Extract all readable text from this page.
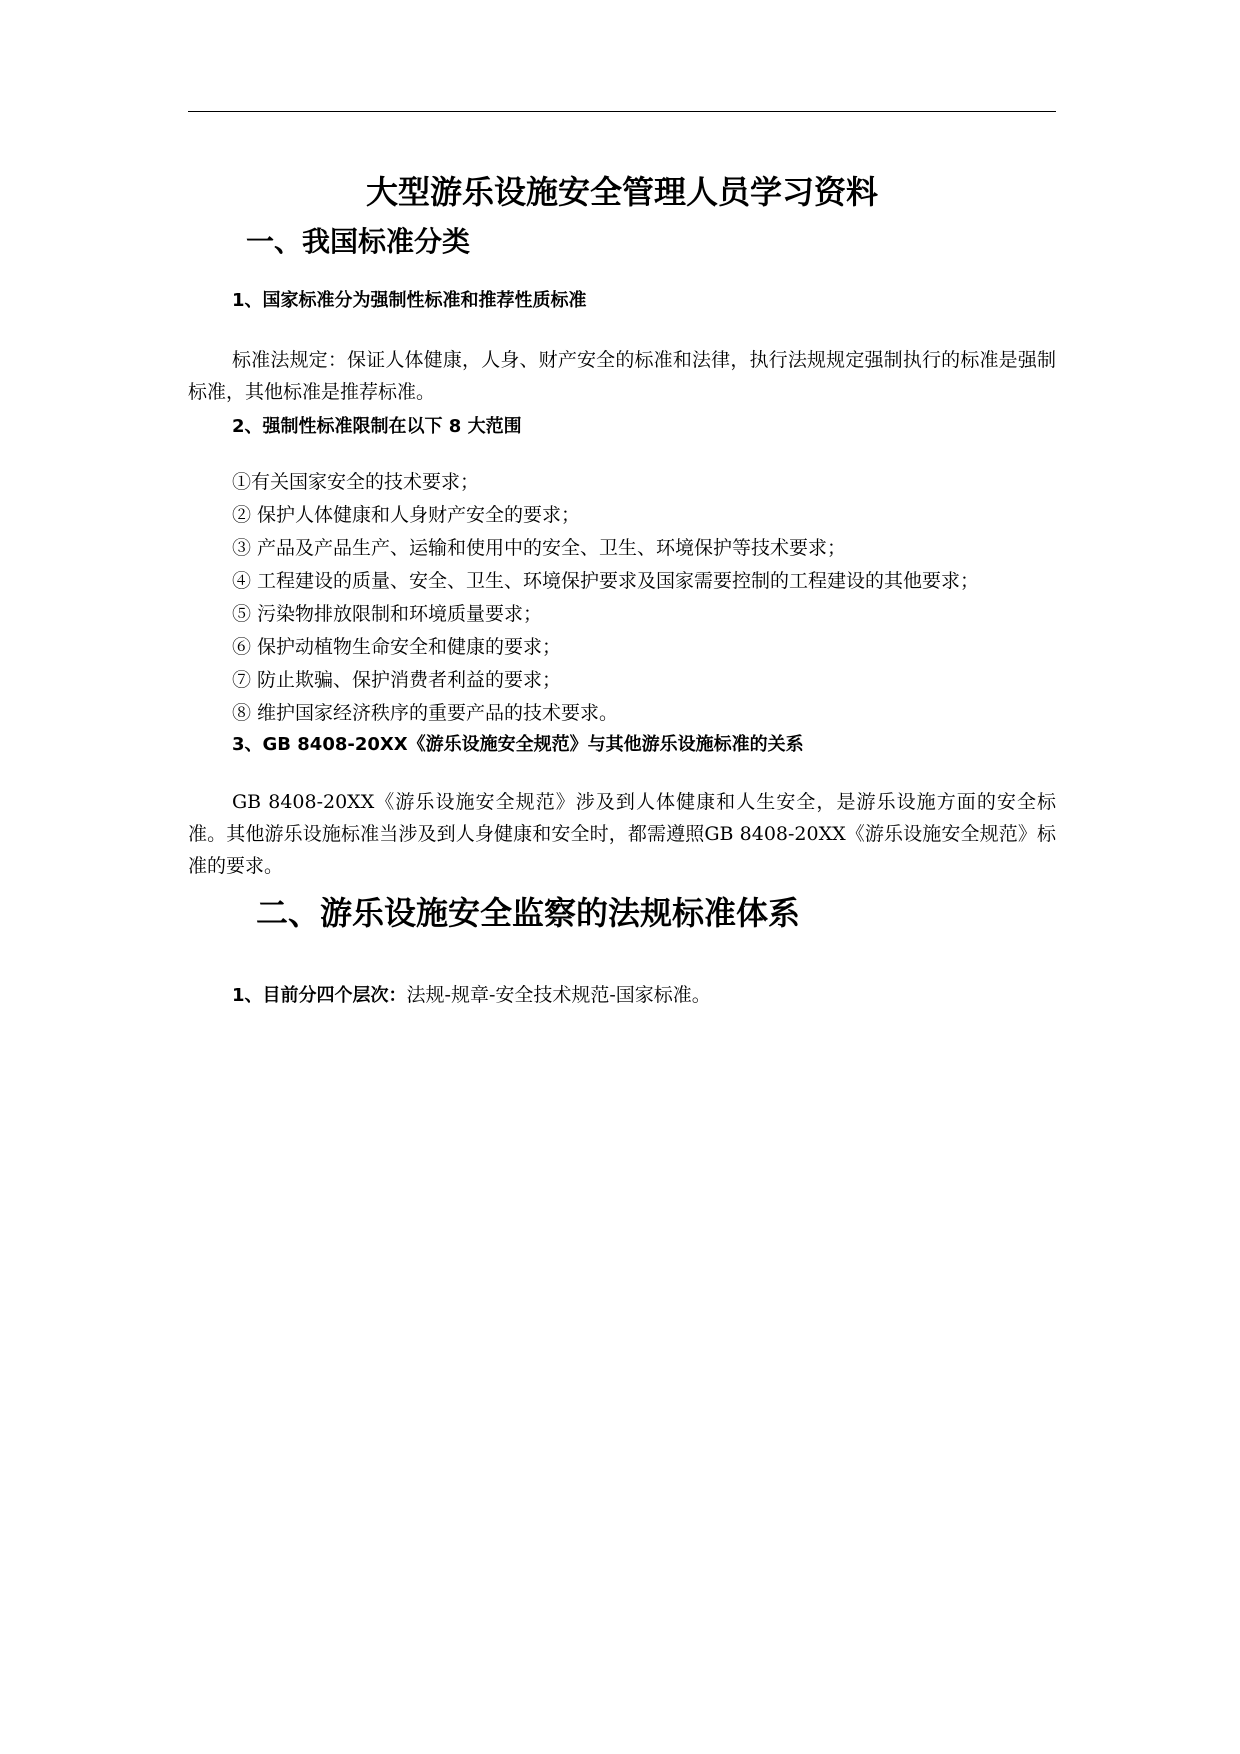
大型游乐设施安全管理人员学习资料
一、我国标准分类
1、国家标准分为强制性标准和推荐性质标准

标准法规定：保证人体健康，人身、财产安全的标准和法律，执行法规规定强制执行的标准是强制标准，其他标准是推荐标准。

2、强制性标准限制在以下 8 大范围
①有关国家安全的技术要求；
② 保护人体健康和人身财产安全的要求；
③ 产品及产品生产、运输和使用中的安全、卫生、环境保护等技术要求；
④ 工程建设的质量、安全、卫生、环境保护要求及国家需要控制的工程建设的其他要求；
⑤ 污染物排放限制和环境质量要求；
⑥ 保护动植物生命安全和健康的要求；
⑦ 防止欺骗、保护消费者利益的要求；
⑧ 维护国家经济秩序的重要产品的技术要求。
3、GB 8408-20XX《游乐设施安全规范》与其他游乐设施标准的关系

GB 8408-20XX《游乐设施安全规范》涉及到人体健康和人生安全，是游乐设施方面的安全标准。其他游乐设施标准当涉及到人身健康和安全时，都需遵照GB 8408-20XX《游乐设施安全规范》标准的要求。

二、游乐设施安全监察的法规标准体系

1、目前分四个层次：法规-规章-安全技术规范-国家标准。
